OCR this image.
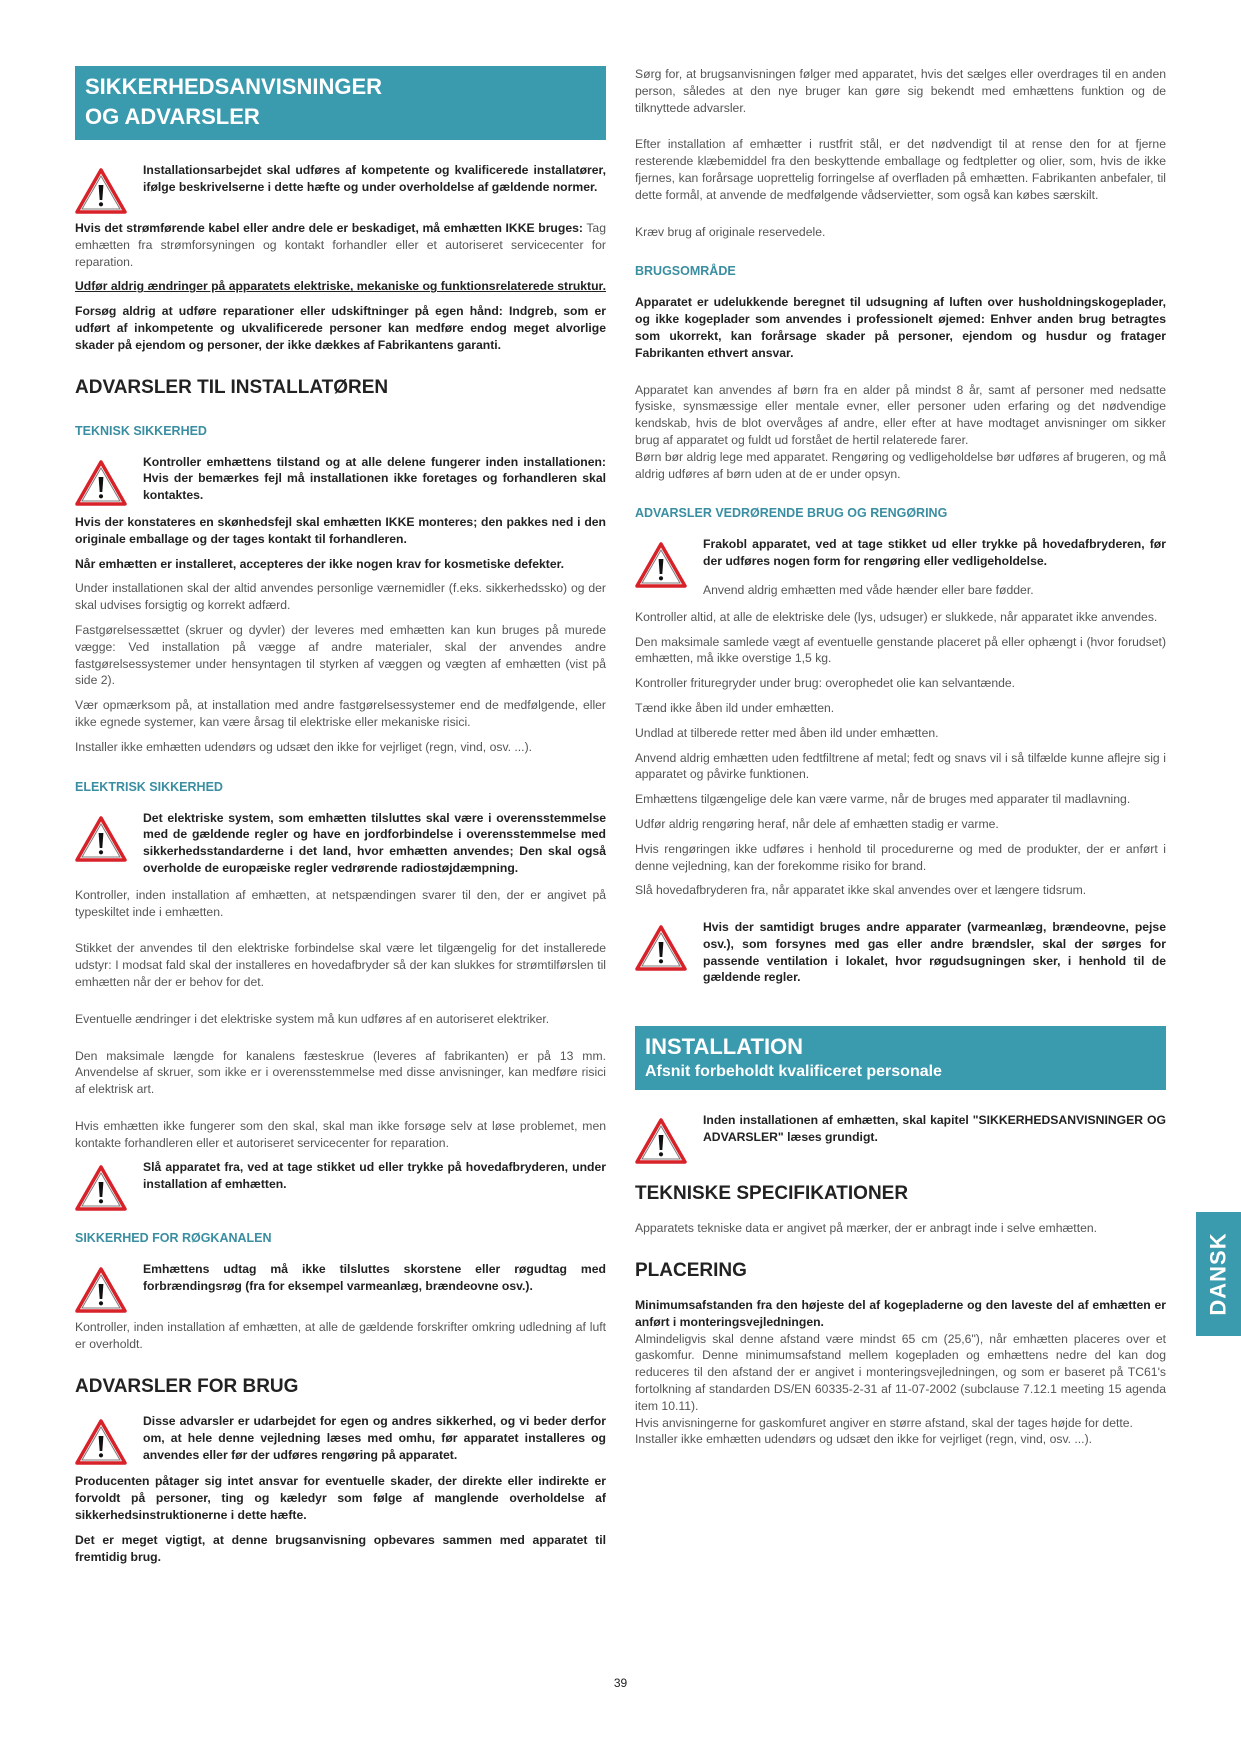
SIKKERHEDSANVISNINGER
OG ADVARSLER

Installationsarbejdet skal udføres af kompetente og kvalificerede installatører, ifølge beskrivelserne i dette hæfte og under overholdelse af gældende normer.

Hvis det strømførende kabel eller andre dele er beskadiget, må emhætten IKKE bruges: Tag emhætten fra strømforsyningen og kontakt forhandler eller et autoriseret servicecenter for reparation.

Udfør aldrig ændringer på apparatets elektriske, mekaniske og funktionsrelaterede struktur.

Forsøg aldrig at udføre reparationer eller udskiftninger på egen hånd: Indgreb, som er udført af inkompetente og ukvalificerede personer kan medføre endog meget alvorlige skader på ejendom og personer, der ikke dækkes af Fabrikantens garanti.

ADVARSLER TIL INSTALLATØREN
TEKNISK SIKKERHED

Kontroller emhættens tilstand og at alle delene fungerer inden installationen: Hvis der bemærkes fejl må installationen ikke foretages og forhandleren skal kontaktes.

Hvis der konstateres en skønhedsfejl skal emhætten IKKE monteres; den pakkes ned i den originale emballage og der tages kontakt til forhandleren.

Når emhætten er installeret, accepteres der ikke nogen krav for kosmetiske defekter.

Under installationen skal der altid anvendes personlige værnemidler (f.eks. sikkerhedssko) og der skal udvises forsigtig og korrekt adfærd.

Fastgørelsessættet (skruer og dyvler) der leveres med emhætten kan kun bruges på murede vægge: Ved installation på vægge af andre materialer, skal der anvendes andre fastgørelsessystemer under hensyntagen til styrken af væggen og vægten af emhætten (vist på side 2).

Vær opmærksom på, at installation med andre fastgørelsessystemer end de medfølgende, eller ikke egnede systemer, kan være årsag til elektriske eller mekaniske risici.

Installer ikke emhætten udendørs og udsæt den ikke for vejrliget (regn, vind, osv. ...).

ELEKTRISK SIKKERHED

Det elektriske system, som emhætten tilsluttes skal være i overensstemmelse med de gældende regler og have en jordforbindelse i overensstemmelse med sikkerhedsstandarderne i det land, hvor emhætten anvendes; Den skal også overholde de europæiske regler vedrørende radiostøjdæmpning.

Kontroller, inden installation af emhætten, at netspændingen svarer til den, der er angivet på typeskiltet inde i emhætten.

Stikket der anvendes til den elektriske forbindelse skal være let tilgængelig for det installerede udstyr: I modsat fald skal der installeres en hovedafbryder så der kan slukkes for strømtilførslen til emhætten når der er behov for det.

Eventuelle ændringer i det elektriske system må kun udføres af en autoriseret elektriker.

Den maksimale længde for kanalens fæsteskrue (leveres af fabrikanten) er på 13 mm. Anvendelse af skruer, som ikke er i overensstemmelse med disse anvisninger, kan medføre risici af elektrisk art.

Hvis emhætten ikke fungerer som den skal, skal man ikke forsøge selv at løse problemet, men kontakte forhandleren eller et autoriseret servicecenter for reparation.

Slå apparatet fra, ved at tage stikket ud eller trykke på hovedafbryderen, under installation af emhætten.

SIKKERHED FOR RØGKANALEN

Emhættens udtag må ikke tilsluttes skorstene eller røgudtag med forbrændingsrøg (fra for eksempel varmeanlæg, brændeovne osv.).

Kontroller, inden installation af emhætten, at alle de gældende forskrifter omkring udledning af luft er overholdt.

ADVARSLER FOR BRUG

Disse advarsler er udarbejdet for egen og andres sikkerhed, og vi beder derfor om, at hele denne vejledning læses med omhu, før apparatet installeres og anvendes eller før der udføres rengøring på apparatet.

Producenten påtager sig intet ansvar for eventuelle skader, der direkte eller indirekte er forvoldt på personer, ting og kæledyr som følge af manglende overholdelse af sikkerhedsinstruktionerne i dette hæfte.

Det er meget vigtigt, at denne brugsanvisning opbevares sammen med apparatet til fremtidig brug.

Sørg for, at brugsanvisningen følger med apparatet, hvis det sælges eller overdrages til en anden person, således at den nye bruger kan gøre sig bekendt med emhættens funktion og de tilknyttede advarsler.

Efter installation af emhætter i rustfrit stål, er det nødvendigt til at rense den for at fjerne resterende klæbemiddel fra den beskyttende emballage og fedtpletter og olier, som, hvis de ikke fjernes, kan forårsage uoprettelig forringelse af overfladen på emhætten. Fabrikanten anbefaler, til dette formål, at anvende de medfølgende vådservietter, som også kan købes særskilt.

Kræv brug af originale reservedele.

BRUGSOMRÅDE

Apparatet er udelukkende beregnet til udsugning af luften over husholdningskogeplader, og ikke kogeplader som anvendes i professionelt øjemed: Enhver anden brug betragtes som ukorrekt, kan forårsage skader på personer, ejendom og husdur og fratager Fabrikanten ethvert ansvar.

Apparatet kan anvendes af børn fra en alder på mindst 8 år, samt af personer med nedsatte fysiske, synsmæssige eller mentale evner, eller personer uden erfaring og det nødvendige kendskab, hvis de blot overvåges af andre, eller efter at have modtaget anvisninger om sikker brug af apparatet og fuldt ud forstået de hertil relaterede farer.

Børn bør aldrig lege med apparatet. Rengøring og vedligeholdelse bør udføres af brugeren, og må aldrig udføres af børn uden at de er under opsyn.

ADVARSLER VEDRØRENDE BRUG OG RENGØRING

Frakobl apparatet, ved at tage stikket ud eller trykke på hovedafbryderen, før der udføres nogen form for rengøring eller vedligeholdelse.

Anvend aldrig emhætten med våde hænder eller bare fødder.

Kontroller altid, at alle de elektriske dele (lys, udsuger) er slukkede, når apparatet ikke anvendes.

Den maksimale samlede vægt af eventuelle genstande placeret på eller ophængt i (hvor forudset) emhætten, må ikke overstige 1,5 kg.

Kontroller frituregryder under brug: overophedet olie kan selvantænde.

Tænd ikke åben ild under emhætten.

Undlad at tilberede retter med åben ild under emhætten.

Anvend aldrig emhætten uden fedtfiltrene af metal; fedt og snavs vil i så tilfælde kunne aflejre sig i apparatet og påvirke funktionen.

Emhættens tilgængelige dele kan være varme, når de bruges med apparater til madlavning.

Udfør aldrig rengøring heraf, når dele af emhætten stadig er varme.

Hvis rengøringen ikke udføres i henhold til procedurerne og med de produkter, der er anført i denne vejledning, kan der forekomme risiko for brand.

Slå hovedafbryderen fra, når apparatet ikke skal anvendes over et længere tidsrum.

Hvis der samtidigt bruges andre apparater (varmeanlæg, brændeovne, pejse osv.), som forsynes med gas eller andre brændsler, skal der sørges for passende ventilation i lokalet, hvor røgudsugningen sker, i henhold til de gældende regler.

INSTALLATION
Afsnit forbeholdt kvalificeret personale

Inden installationen af emhætten, skal kapitel "SIKKERHEDSANVISNINGER OG ADVARSLER" læses grundigt.

TEKNISKE SPECIFIKATIONER

Apparatets tekniske data er angivet på mærker, der er anbragt inde i selve emhætten.

PLACERING

Minimumsafstanden fra den højeste del af kogepladerne og den laveste del af emhætten er anført i monteringsvejledningen.

Almindeligvis skal denne afstand være mindst 65 cm (25,6"), når emhætten placeres over et gaskomfur. Denne minimumsafstand mellem kogepladen og emhættens nedre del kan dog reduceres til den afstand der er angivet i monteringsvejledningen, og som er baseret på TC61's fortolkning af standarden DS/EN 60335-2-31 af 11-07-2002 (subclause 7.12.1 meeting 15 agenda item 10.11).

Hvis anvisningerne for gaskomfuret angiver en større afstand, skal der tages højde for dette.

Installer ikke emhætten udendørs og udsæt den ikke for vejrliget (regn, vind, osv. ...).

DANSK
39
